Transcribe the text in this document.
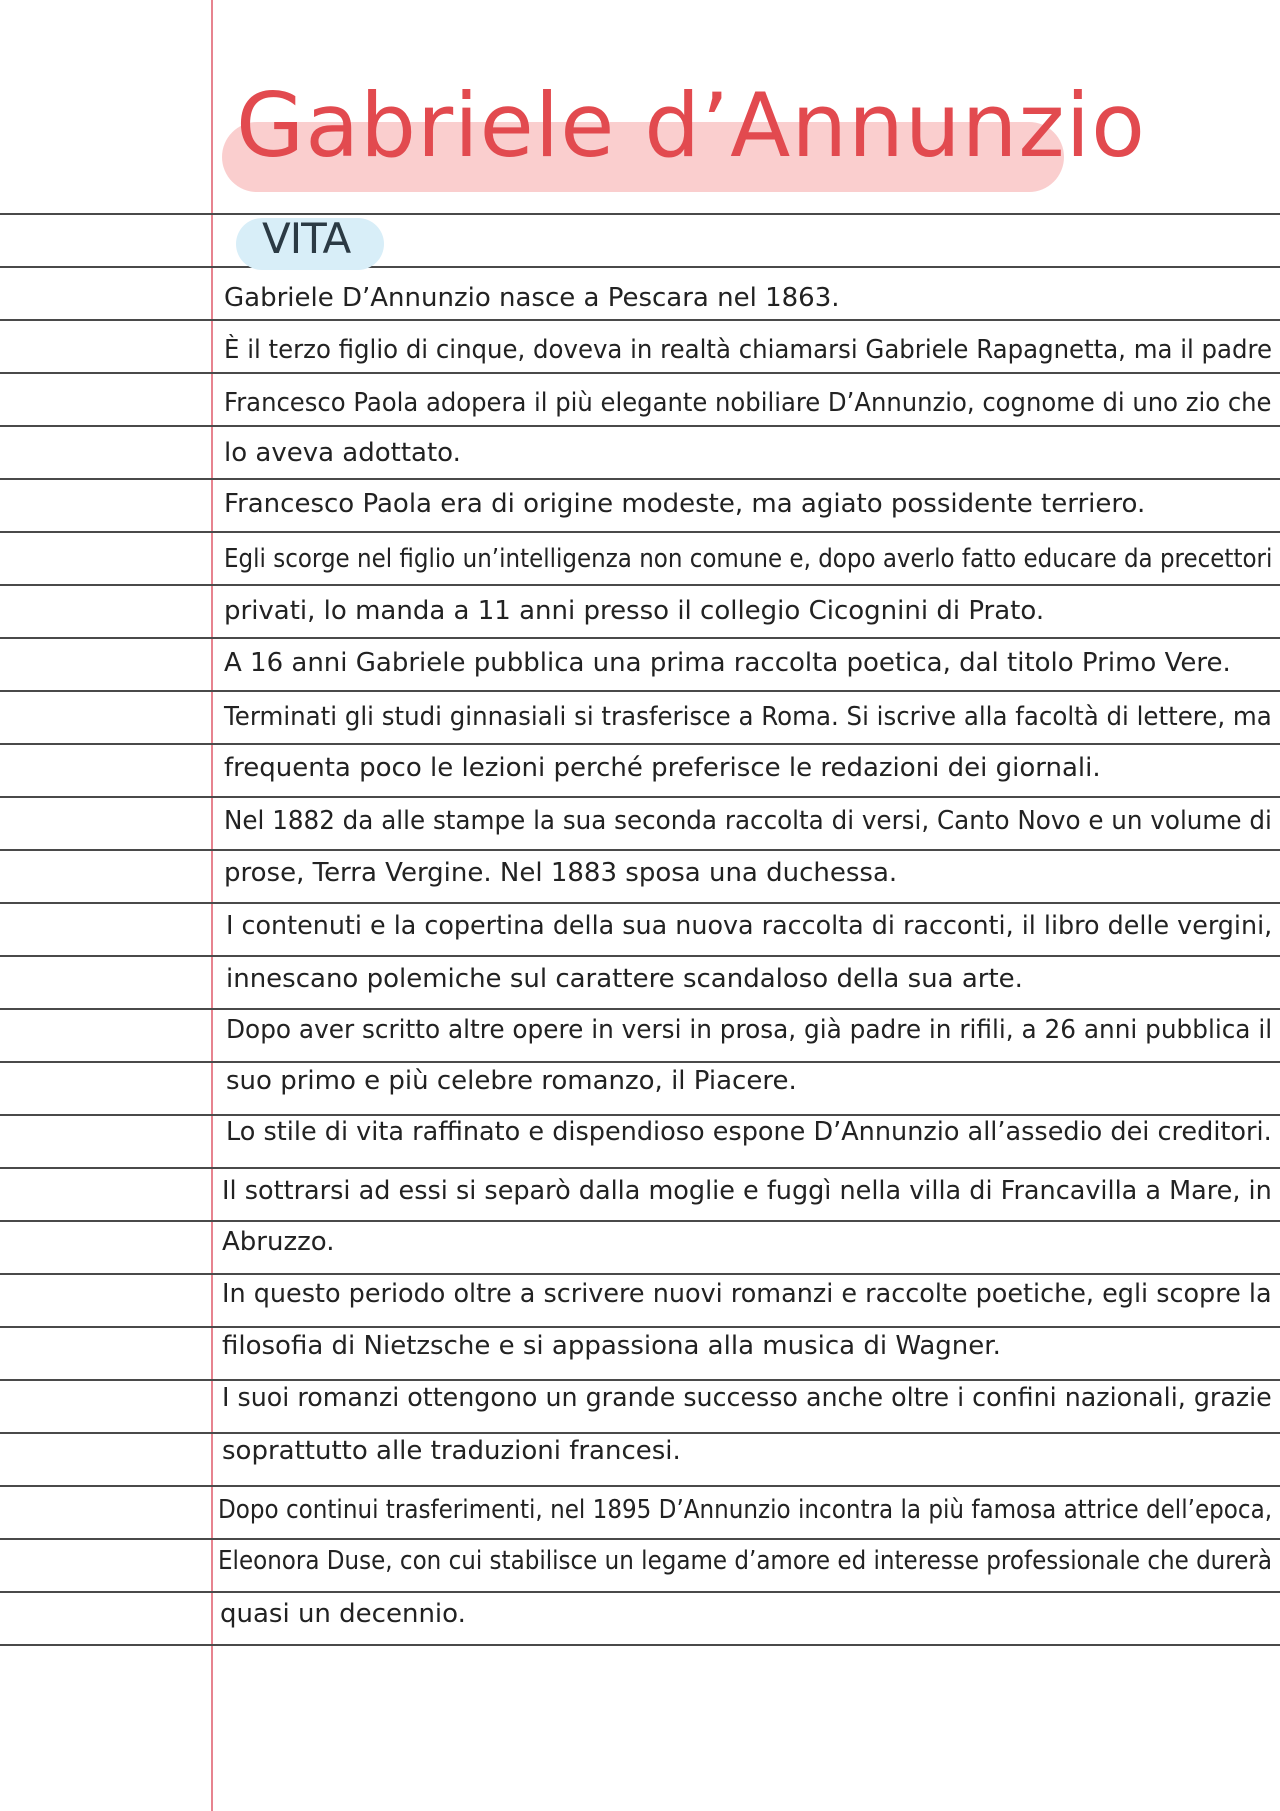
Gabriele d’Annunzio
VITA

Gabriele D’Annunzio nasce a Pescara nel 1863.

È il terzo figlio di cinque, doveva in realtà chiamarsi Gabriele Rapagnetta, ma il padre

Francesco Paola adopera il più elegante nobiliare D’Annunzio, cognome di uno zio che

lo aveva adottato.

Francesco Paola era di origine modeste, ma agiato possidente terriero.

Egli scorge nel figlio un’intelligenza non comune e, dopo averlo fatto educare da precettori

privati, lo manda a 11 anni presso il collegio Cicognini di Prato.

A 16 anni Gabriele pubblica una prima raccolta poetica, dal titolo Primo Vere.

Terminati gli studi ginnasiali si trasferisce a Roma. Si iscrive alla facoltà di lettere, ma

frequenta poco le lezioni perché preferisce le redazioni dei giornali.

Nel 1882 da alle stampe la sua seconda raccolta di versi, Canto Novo e un volume di

prose, Terra Vergine. Nel 1883 sposa una duchessa.

I contenuti e la copertina della sua nuova raccolta di racconti, il libro delle vergini,

innescano polemiche sul carattere scandaloso della sua arte.

Dopo aver scritto altre opere in versi in prosa, già padre in rifili, a 26 anni pubblica il

suo primo e più celebre romanzo, il Piacere.

Lo stile di vita raffinato e dispendioso espone D’Annunzio all’assedio dei creditori.

Il sottrarsi ad essi si separò dalla moglie e fuggì nella villa di Francavilla a Mare, in

Abruzzo.

In questo periodo oltre a scrivere nuovi romanzi e raccolte poetiche, egli scopre la

filosofia di Nietzsche e si appassiona alla musica di Wagner.

I suoi romanzi ottengono un grande successo anche oltre i confini nazionali, grazie

soprattutto alle traduzioni francesi.

Dopo continui trasferimenti, nel 1895 D’Annunzio incontra la più famosa attrice dell’epoca,

Eleonora Duse, con cui stabilisce un legame d’amore ed interesse professionale che durerà

quasi un decennio.
